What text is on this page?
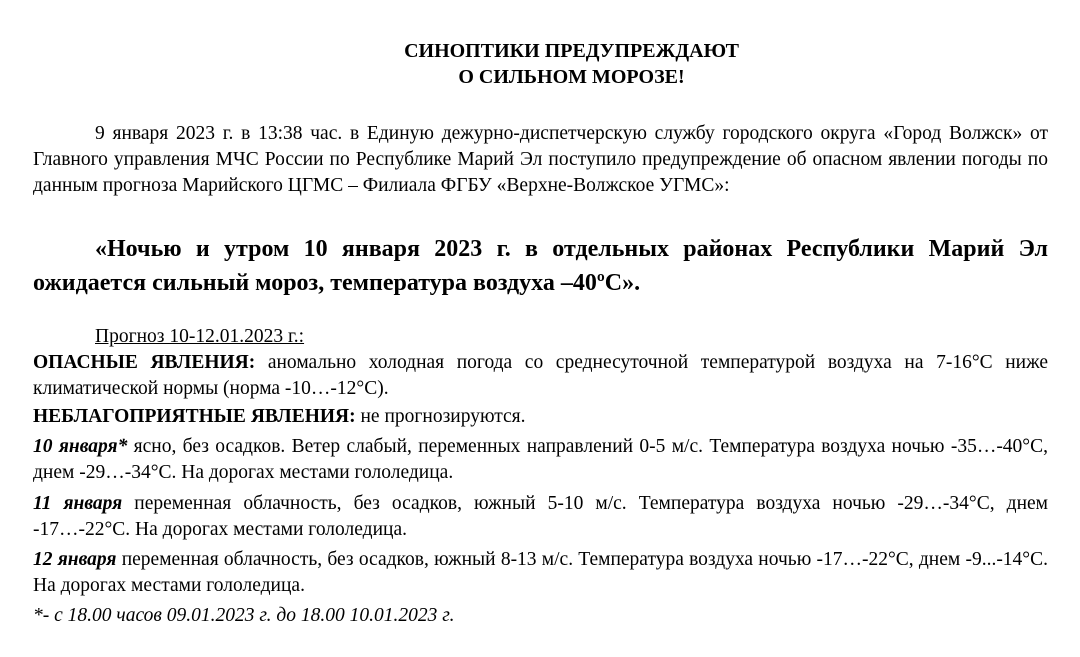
СИНОПТИКИ ПРЕДУПРЕЖДАЮТ
О СИЛЬНОМ МОРОЗЕ!
9 января 2023 г. в 13:38 час. в Единую дежурно-диспетчерскую службу городского округа «Город Волжск» от Главного управления МЧС России по Республике Марий Эл поступило предупреждение об опасном явлении погоды по данным прогноза Марийского ЦГМС – Филиала ФГБУ «Верхне-Волжское УГМС»:
«Ночью и утром 10 января 2023 г. в отдельных районах Республики Марий Эл ожидается сильный мороз, температура воздуха –40ºС».
Прогноз 10-12.01.2023 г.:
ОПАСНЫЕ ЯВЛЕНИЯ: аномально холодная погода со среднесуточной температурой воздуха на 7-16°С ниже климатической нормы (норма -10…-12°С).
НЕБЛАГОПРИЯТНЫЕ ЯВЛЕНИЯ: не прогнозируются.
10 января* ясно, без осадков. Ветер слабый, переменных направлений 0-5 м/с. Температура воздуха ночью -35…-40°С, днем -29…-34°С. На дорогах местами гололедица.
11 января переменная облачность, без осадков, южный 5-10 м/с. Температура воздуха ночью -29…-34°С, днем -17…-22°С. На дорогах местами гололедица.
12 января переменная облачность, без осадков, южный 8-13 м/с. Температура воздуха ночью -17…-22°С, днем -9...-14°С. На дорогах местами гололедица.
*- с 18.00 часов 09.01.2023 г. до 18.00 10.01.2023 г.
